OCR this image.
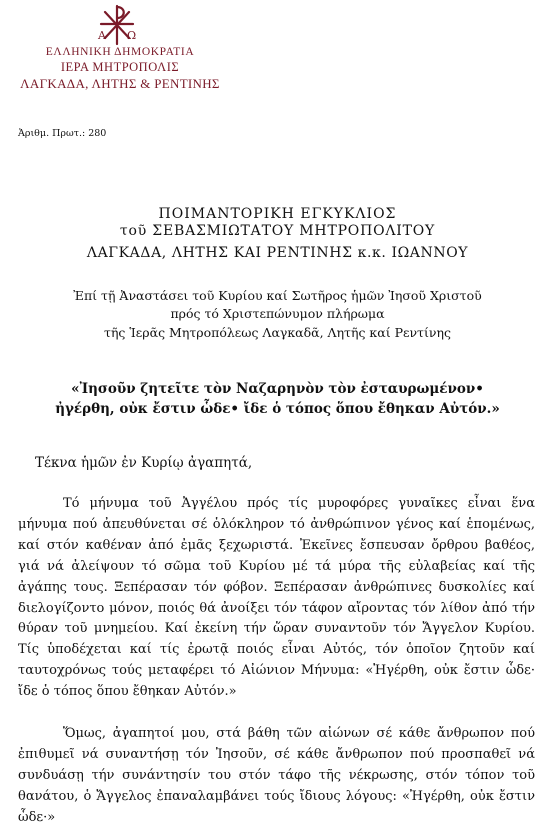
Α Ω
ΕΛΛΗΝΙΚΗ ΔΗΜΟΚΡΑΤΙΑ
ΙΕΡΑ ΜΗΤΡΟΠΟΛΙΣ
ΛΑΓΚΑΔΑ, ΛΗΤΗΣ & ΡΕΝΤΙΝΗΣ
Ἀριθμ. Πρωτ.: 280
ΠΟΙΜΑΝΤΟΡΙΚΗ ΕΓΚΥΚΛΙΟΣ
τοῦ ΣΕΒΑΣΜΙΩΤΑΤΟΥ ΜΗΤΡΟΠΟΛΙΤΟΥ
ΛΑΓΚΑΔΑ, ΛΗΤΗΣ ΚΑΙ ΡΕΝΤΙΝΗΣ κ.κ. ΙΩΑΝΝΟΥ
Ἐπί τῇ Ἀναστάσει τοῦ Κυρίου καί Σωτῆρος ἡμῶν Ἰησοῦ Χριστοῦ
πρός τό Χριστεπώνυμον πλήρωμα
τῆς Ἱερᾶς Μητροπόλεως Λαγκαδᾶ, Λητῆς καί Ρεντίνης
«Ἰησοῦν ζητεῖτε τὸν Ναζαρηνὸν τὸν ἐσταυρωμένον•
ἠγέρθη, οὐκ ἔστιν ὧδε• ἴδε ὁ τόπος ὅπου ἔθηκαν Αὐτόν.»
Τέκνα ἡμῶν ἐν Κυρίῳ ἀγαπητά,
Τό μήνυμα τοῦ Ἀγγέλου πρός τίς μυροφόρες γυναῖκες εἶναι ἕνα μήνυμα πού ἀπευθύνεται σέ ὁλόκληρον τό ἀνθρώπινον γένος καί ἑπομένως, καί στόν καθέναν ἀπό ἐμᾶς ξεχωριστά. Ἐκεῖνες ἔσπευσαν ὄρθρου βαθέος, γιά νά ἀλείψουν τό σῶμα τοῦ Κυρίου μέ τά μύρα τῆς εὐλαβείας καί τῆς ἀγάπης τους. Ξεπέρασαν τόν φόβον. Ξεπέρασαν ἀνθρώπινες δυσκολίες καί διελογίζοντο μόνον, ποιός θά ἀνοίξει τόν τάφον αἴροντας τόν λίθον ἀπό τήν θύραν τοῦ μνημείου. Καί ἐκείνη τήν ὥραν συναντοῦν τόν Ἄγγελον Κυρίου. Τίς ὑποδέχεται καί τίς ἐρωτᾷ ποιός εἶναι Αὐτός, τόν ὁποῖον ζητοῦν καί ταυτοχρόνως τούς μεταφέρει τό Αἰώνιον Μήνυμα: «Ἠγέρθη, οὐκ ἔστιν ὧδε· ἴδε ὁ τόπος ὅπου ἔθηκαν Αὐτόν.»
Ὅμως, ἀγαπητοί μου, στά βάθη τῶν αἰώνων σέ κάθε ἄνθρωπον πού ἐπιθυμεῖ νά συναντήσῃ τόν Ἰησοῦν, σέ κάθε ἄνθρωπον πού προσπαθεῖ νά συνδυάσῃ τήν συνάντησίν του στόν τάφο τῆς νέκρωσης, στόν τόπον τοῦ θανάτου, ὁ Ἄγγελος ἐπαναλαμβάνει τούς ἴδιους λόγους: «Ἠγέρθη, οὐκ ἔστιν ὧδε·»
